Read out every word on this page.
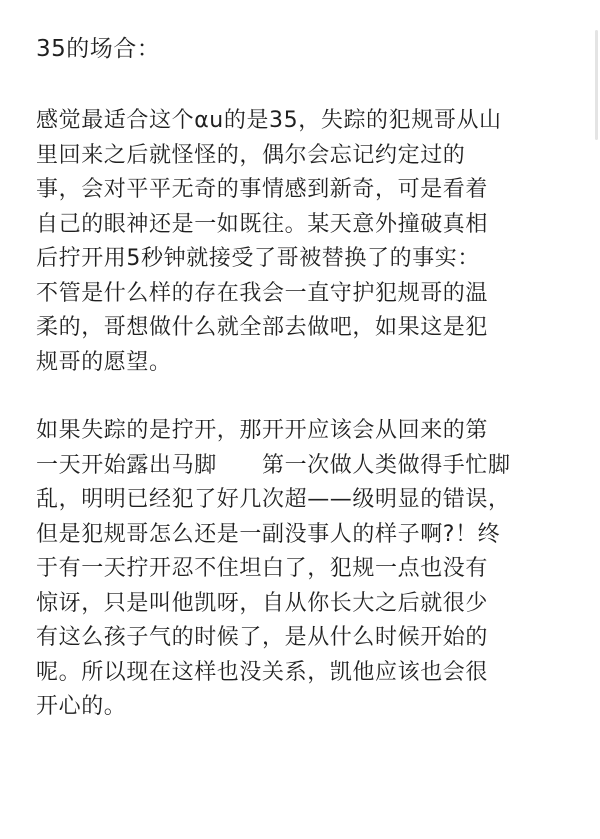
35的场合：

感觉最适合这个αu的是35，失踪的犯规哥从山
里回来之后就怪怪的，偶尔会忘记约定过的
事，会对平平无奇的事情感到新奇，可是看着
自己的眼神还是一如既往。某天意外撞破真相
后拧开用5秒钟就接受了哥被替换了的事实：
不管是什么样的存在我会一直守护犯规哥的温
柔的，哥想做什么就全部去做吧，如果这是犯
规哥的愿望。

如果失踪的是拧开，那开开应该会从回来的第
一天开始露出马脚　　第一次做人类做得手忙脚
乱，明明已经犯了好几次超——级明显的错误，
但是犯规哥怎么还是一副没事人的样子啊?！终
于有一天拧开忍不住坦白了，犯规一点也没有
惊讶，只是叫他凯呀，自从你长大之后就很少
有这么孩子气的时候了，是从什么时候开始的
呢。所以现在这样也没关系，凯他应该也会很
开心的。
